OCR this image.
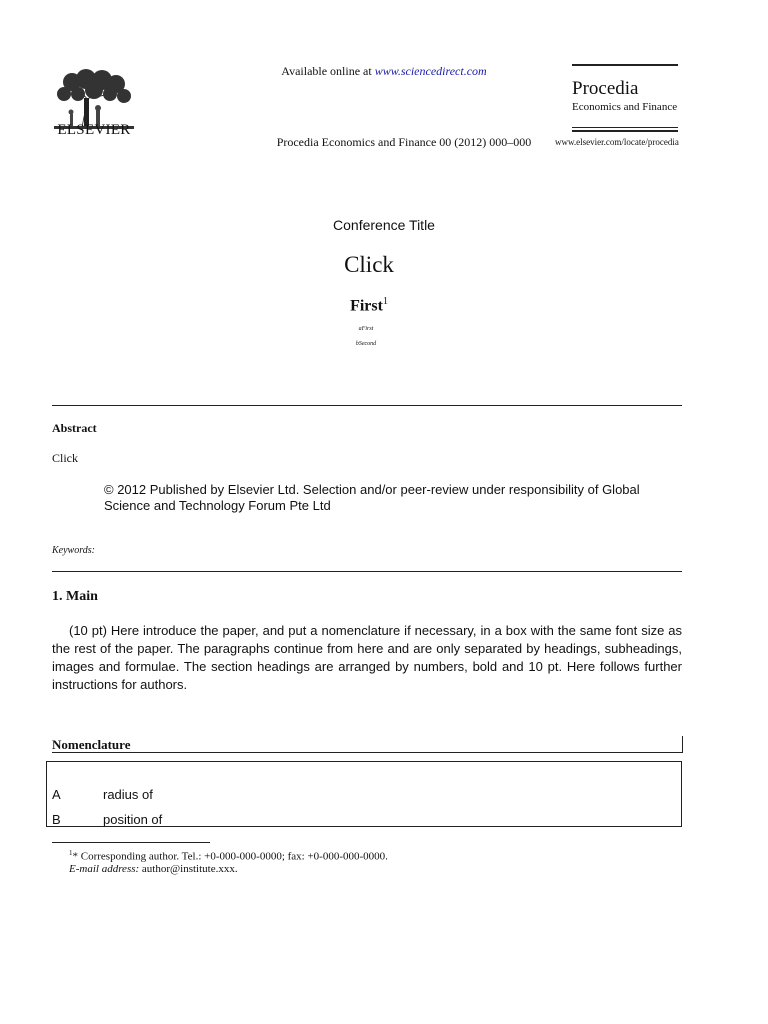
ELSEVIER
Available online at www.sciencedirect.com
Procedia Economics and Finance 00 (2012) 000–000
Procedia
Economics and Finance
www.elsevier.com/locate/procedia
Conference Title
Click
First$^1$
aFirst
bSecond
Abstract
Click
© 2012 Published by Elsevier Ltd. Selection and/or peer-review under responsibility of Global Science and Technology Forum Pte Ltd
Keywords:
1. Main
(10 pt) Here introduce the paper, and put a nomenclature if necessary, in a box with the same font size as the rest of the paper. The paragraphs continue from here and are only separated by headings, subheadings, images and formulae. The section headings are arranged by numbers, bold and 10 pt. Here follows further instructions for authors.
Nomenclature
A	radius of
B	position of
$^1$* Corresponding author. Tel.: +0-000-000-0000; fax: +0-000-000-0000.
E-mail address: author@institute.xxx.
